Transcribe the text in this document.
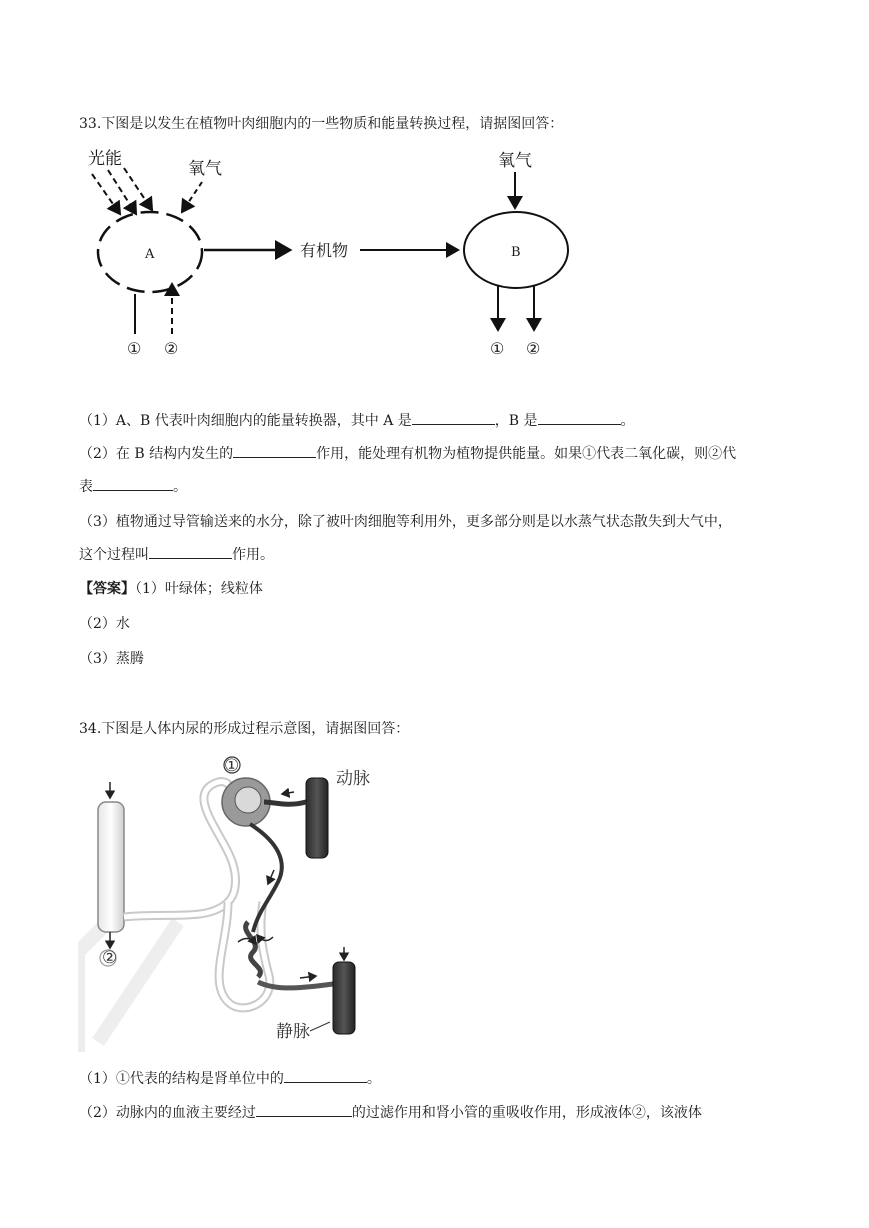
33.下图是以发生在植物叶肉细胞内的一些物质和能量转换过程，请据图回答：
光能	氧气
A	有机物
氧气
B
① ②
① ②
（1）A、B 代表叶肉细胞内的能量转换器，其中 A 是	，B 是	。
（2）在 B 结构内发生的	作用，能处理有机物为植物提供能量。如果①代表二氧化碳，则②代
表	。
（3）植物通过导管输送来的水分，除了被叶肉细胞等利用外，更多部分则是以水蒸气状态散失到大气中，
这个过程叫	作用。
【答案】（1）叶绿体；线粒体
（2）水
（3）蒸腾
34.下图是人体内尿的形成过程示意图，请据图回答：
②
①
动脉
静脉
（1）①代表的结构是肾单位中的	。
（2）动脉内的血液主要经过	的过滤作用和肾小管的重吸收作用，形成液体②，该液体
